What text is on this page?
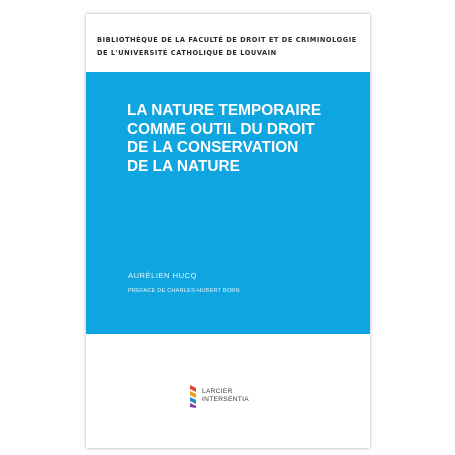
BIBLIOTHÈQUE DE LA FACULTÉ DE DROIT ET DE CRIMINOLOGIE
DE L'UNIVERSITÉ CATHOLIQUE DE LOUVAIN
LA NATURE TEMPORAIRE
COMME OUTIL DU DROIT
DE LA CONSERVATION
DE LA NATURE
AURÉLIEN HUCQ
PRÉFACE DE CHARLES-HUBERT BORN
LARCIER
INTERSENTIA
